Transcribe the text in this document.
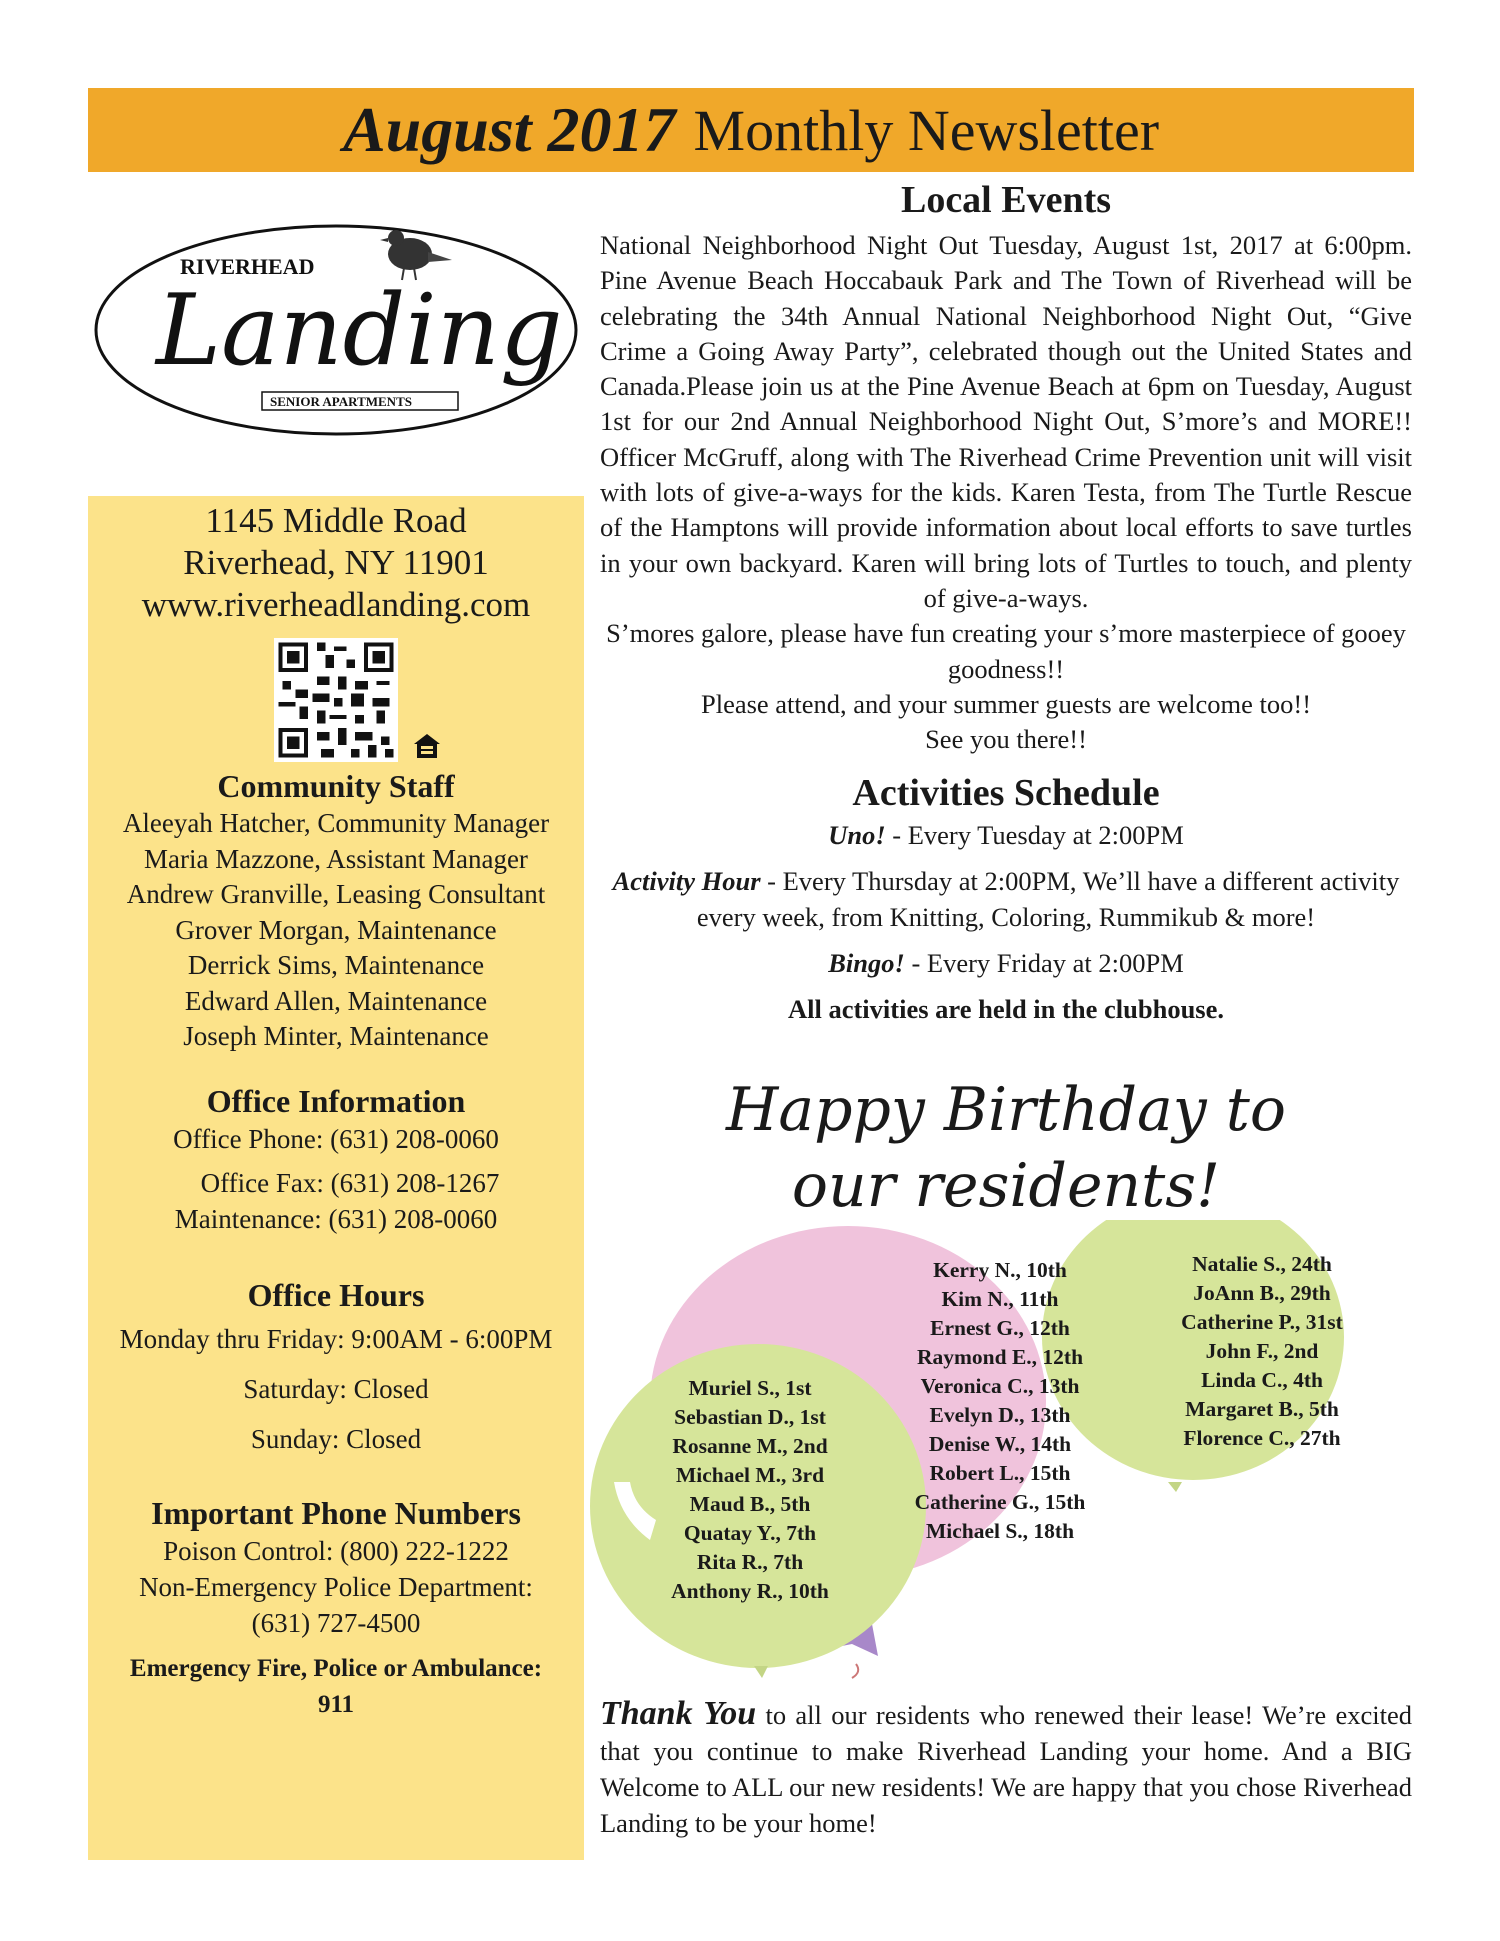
August 2017 Monthly Newsletter
RIVERHEAD
Landing
SENIOR APARTMENTS
1145 Middle Road
Riverhead, NY 11901
www.riverheadlanding.com
Community Staff
Aleeyah Hatcher, Community Manager
Maria Mazzone, Assistant Manager
Andrew Granville, Leasing Consultant
Grover Morgan, Maintenance
Derrick Sims, Maintenance
Edward Allen, Maintenance
Joseph Minter, Maintenance
Office Information
Office Phone: (631) 208-0060
Office Fax: (631) 208-1267
Maintenance: (631) 208-0060
Office Hours
Monday thru Friday: 9:00AM - 6:00PM
Saturday: Closed
Sunday: Closed
Important Phone Numbers
Poison Control: (800) 222-1222
Non-Emergency Police Department:
(631) 727-4500
Emergency Fire, Police or Ambulance:
911
Local Events
National Neighborhood Night Out Tuesday, August 1st, 2017 at 6:00pm. Pine Avenue Beach Hoccabauk Park and The Town of Riverhead will be celebrating the 34th Annual National Neighborhood Night Out, “Give Crime a Going Away Party”, celebrated though out the United States and Canada.Please join us at the Pine Avenue Beach at 6pm on Tuesday, August 1st for our 2nd Annual Neighborhood Night Out, S’more’s and MORE!! Officer McGruff, along with The Riverhead Crime Prevention unit will visit with lots of give-a-ways for the kids. Karen Testa, from The Turtle Rescue of the Hamptons will provide information about local efforts to save turtles in your own backyard. Karen will bring lots of Turtles to touch, and plenty of give-a-ways.
S’mores galore, please have fun creating your s’more masterpiece of gooey goodness!!
Please attend, and your summer guests are welcome too!!
See you there!!
Activities Schedule
Uno! - Every Tuesday at 2:00PM
Activity Hour - Every Thursday at 2:00PM, We’ll have a different activity every week, from Knitting, Coloring, Rummikub & more!
Bingo! - Every Friday at 2:00PM
All activities are held in the clubhouse.
Happy Birthday to
our residents!
Muriel S., 1st
Sebastian D., 1st
Rosanne M., 2nd
Michael M., 3rd
Maud B., 5th
Quatay Y., 7th
Rita R., 7th
Anthony R., 10th
Kerry N., 10th
Kim N., 11th
Ernest G., 12th
Raymond E., 12th
Veronica C., 13th
Evelyn D., 13th
Denise W., 14th
Robert L., 15th
Catherine G., 15th
Michael S., 18th
Natalie S., 24th
JoAnn B., 29th
Catherine P., 31st
John F., 2nd
Linda C., 4th
Margaret B., 5th
Florence C., 27th
Thank You to all our residents who renewed their lease! We’re excited that you continue to make Riverhead Landing your home. And a BIG Welcome to ALL our new residents! We are happy that you chose Riverhead Landing to be your home!
